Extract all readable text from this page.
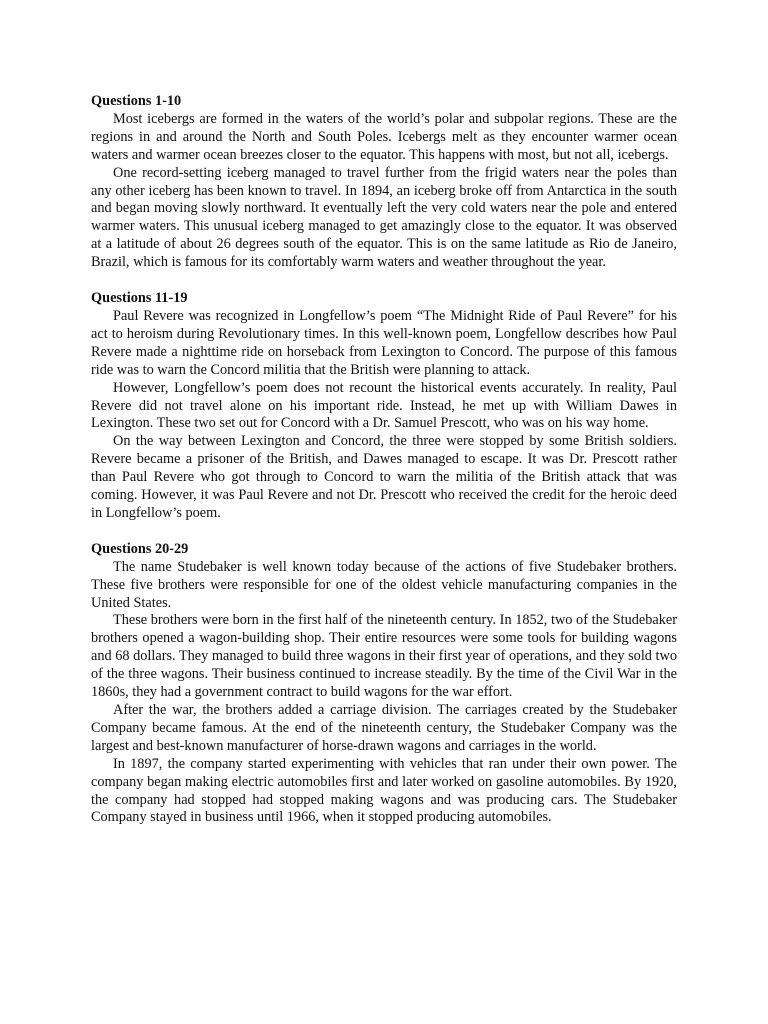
Questions 1-10

Most icebergs are formed in the waters of the world’s polar and subpolar regions. These are the regions in and around the North and South Poles. Icebergs melt as they encounter warmer ocean waters and warmer ocean breezes closer to the equator. This happens with most, but not all, icebergs.

One record-setting iceberg managed to travel further from the frigid waters near the poles than any other iceberg has been known to travel. In 1894, an iceberg broke off from Antarctica in the south and began moving slowly northward. It eventually left the very cold waters near the pole and entered warmer waters. This unusual iceberg managed to get amazingly close to the equator. It was observed at a latitude of about 26 degrees south of the equator. This is on the same latitude as Rio de Janeiro, Brazil, which is famous for its comfortably warm waters and weather throughout the year.

Questions 11-19

Paul Revere was recognized in Longfellow’s poem “The Midnight Ride of Paul Revere” for his act to heroism during Revolutionary times. In this well-known poem, Longfellow describes how Paul Revere made a nighttime ride on horseback from Lexington to Concord. The purpose of this famous ride was to warn the Concord militia that the British were planning to attack.

However, Longfellow’s poem does not recount the historical events accurately. In reality, Paul Revere did not travel alone on his important ride. Instead, he met up with William Dawes in Lexington. These two set out for Concord with a Dr. Samuel Prescott, who was on his way home.

On the way between Lexington and Concord, the three were stopped by some British soldiers. Revere became a prisoner of the British, and Dawes managed to escape. It was Dr. Prescott rather than Paul Revere who got through to Concord to warn the militia of the British attack that was coming. However, it was Paul Revere and not Dr. Prescott who received the credit for the heroic deed in Longfellow’s poem.

Questions 20-29

The name Studebaker is well known today because of the actions of five Studebaker brothers. These five brothers were responsible for one of the oldest vehicle manufacturing companies in the United States.

These brothers were born in the first half of the nineteenth century. In 1852, two of the Studebaker brothers opened a wagon-building shop. Their entire resources were some tools for building wagons and 68 dollars. They managed to build three wagons in their first year of operations, and they sold two of the three wagons. Their business continued to increase steadily. By the time of the Civil War in the 1860s, they had a government contract to build wagons for the war effort.

After the war, the brothers added a carriage division. The carriages created by the Studebaker Company became famous. At the end of the nineteenth century, the Studebaker Company was the largest and best-known manufacturer of horse-drawn wagons and carriages in the world.

In 1897, the company started experimenting with vehicles that ran under their own power. The company began making electric automobiles first and later worked on gasoline automobiles. By 1920, the company had stopped had stopped making wagons and was producing cars. The Studebaker Company stayed in business until 1966, when it stopped producing automobiles.
